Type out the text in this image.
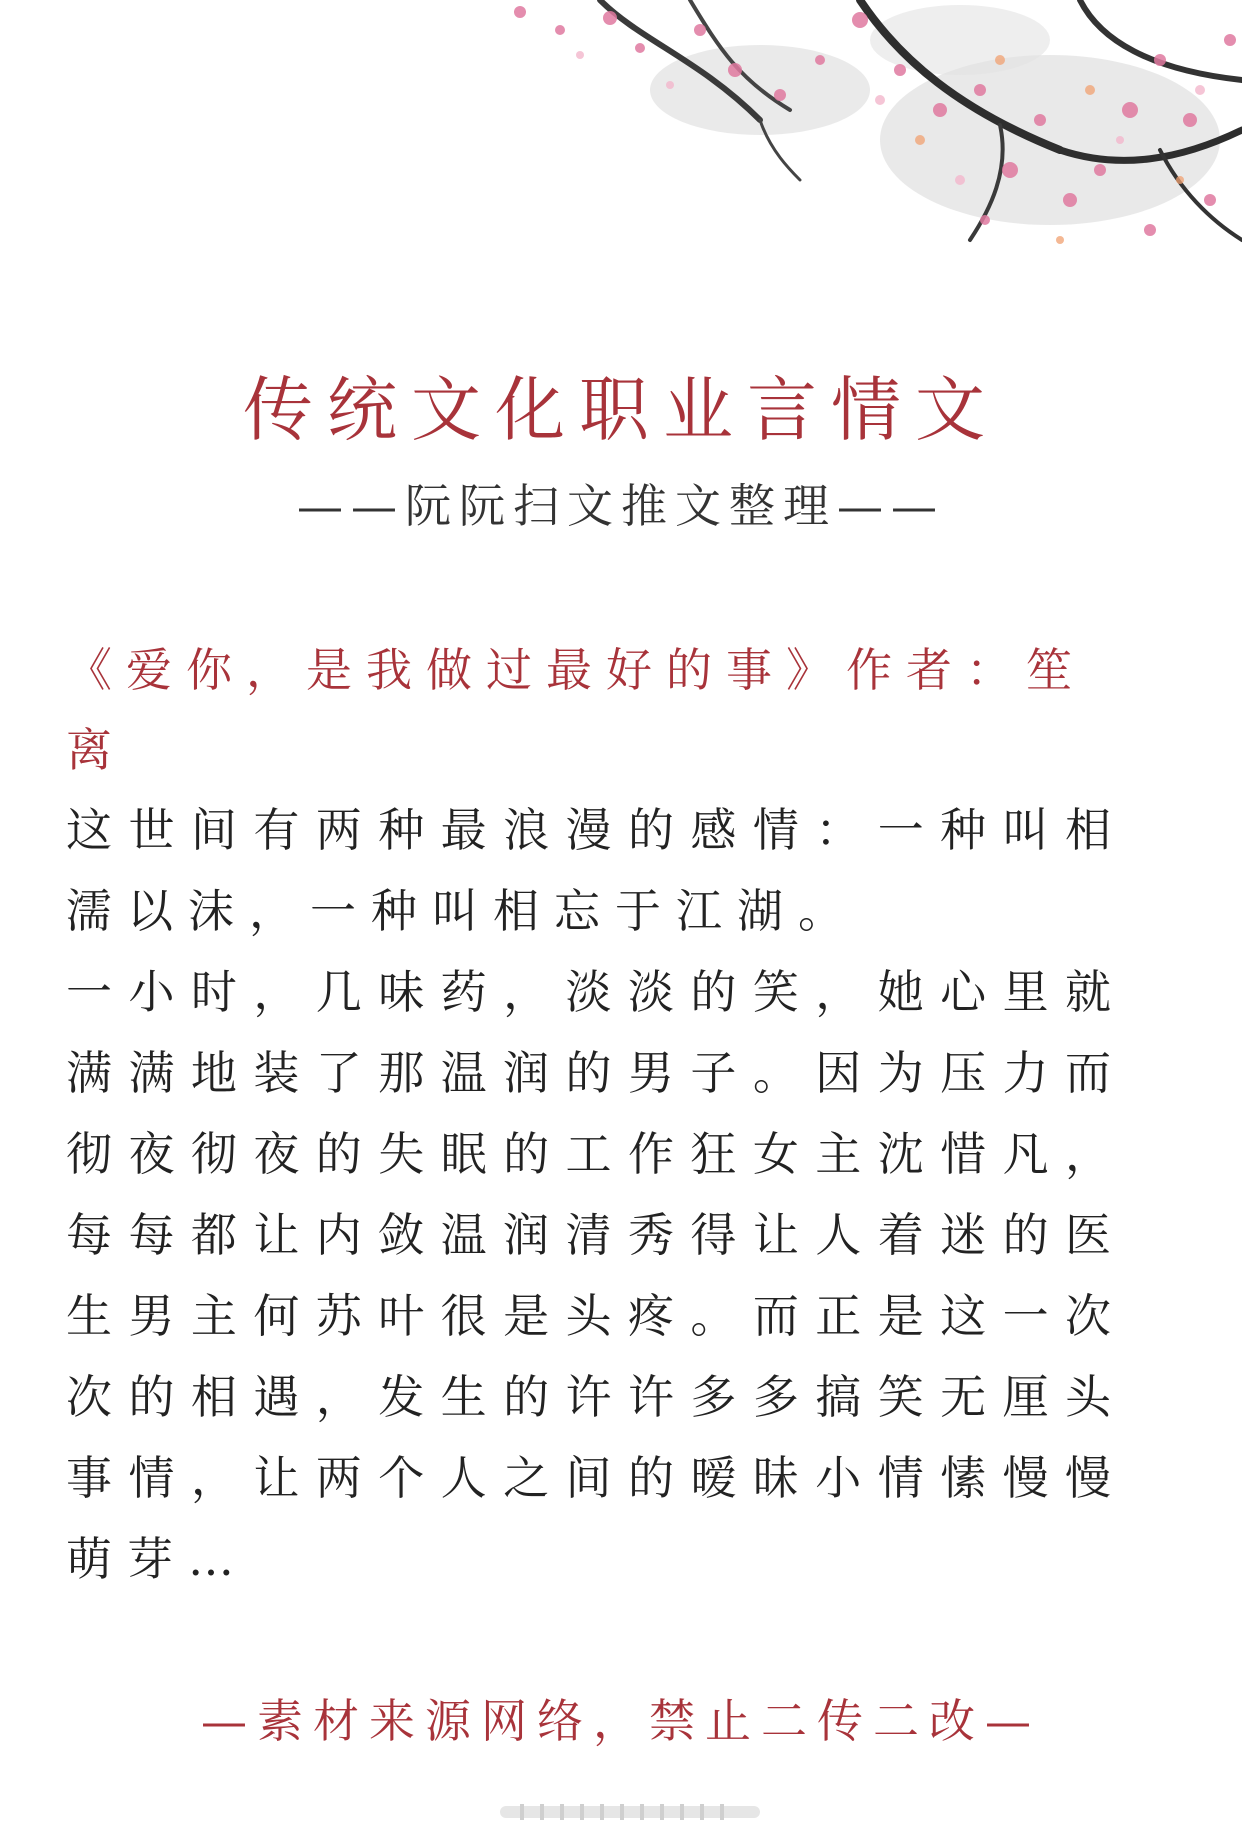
传统文化职业言情文
——阮阮扫文推文整理——
《爱你，是我做过最好的事》作者：笙离

这世间有两种最浪漫的感情：一种叫相濡以沫，一种叫相忘于江湖。

一小时，几味药，淡淡的笑，她心里就满满地装了那温润的男子。因为压力而彻夜彻夜的失眠的工作狂女主沈惜凡，每每都让内敛温润清秀得让人着迷的医生男主何苏叶很是头疼。而正是这一次次的相遇，发生的许许多多搞笑无厘头事情，让两个人之间的暧昧小情愫慢慢萌芽…

—素材来源网络，禁止二传二改—
